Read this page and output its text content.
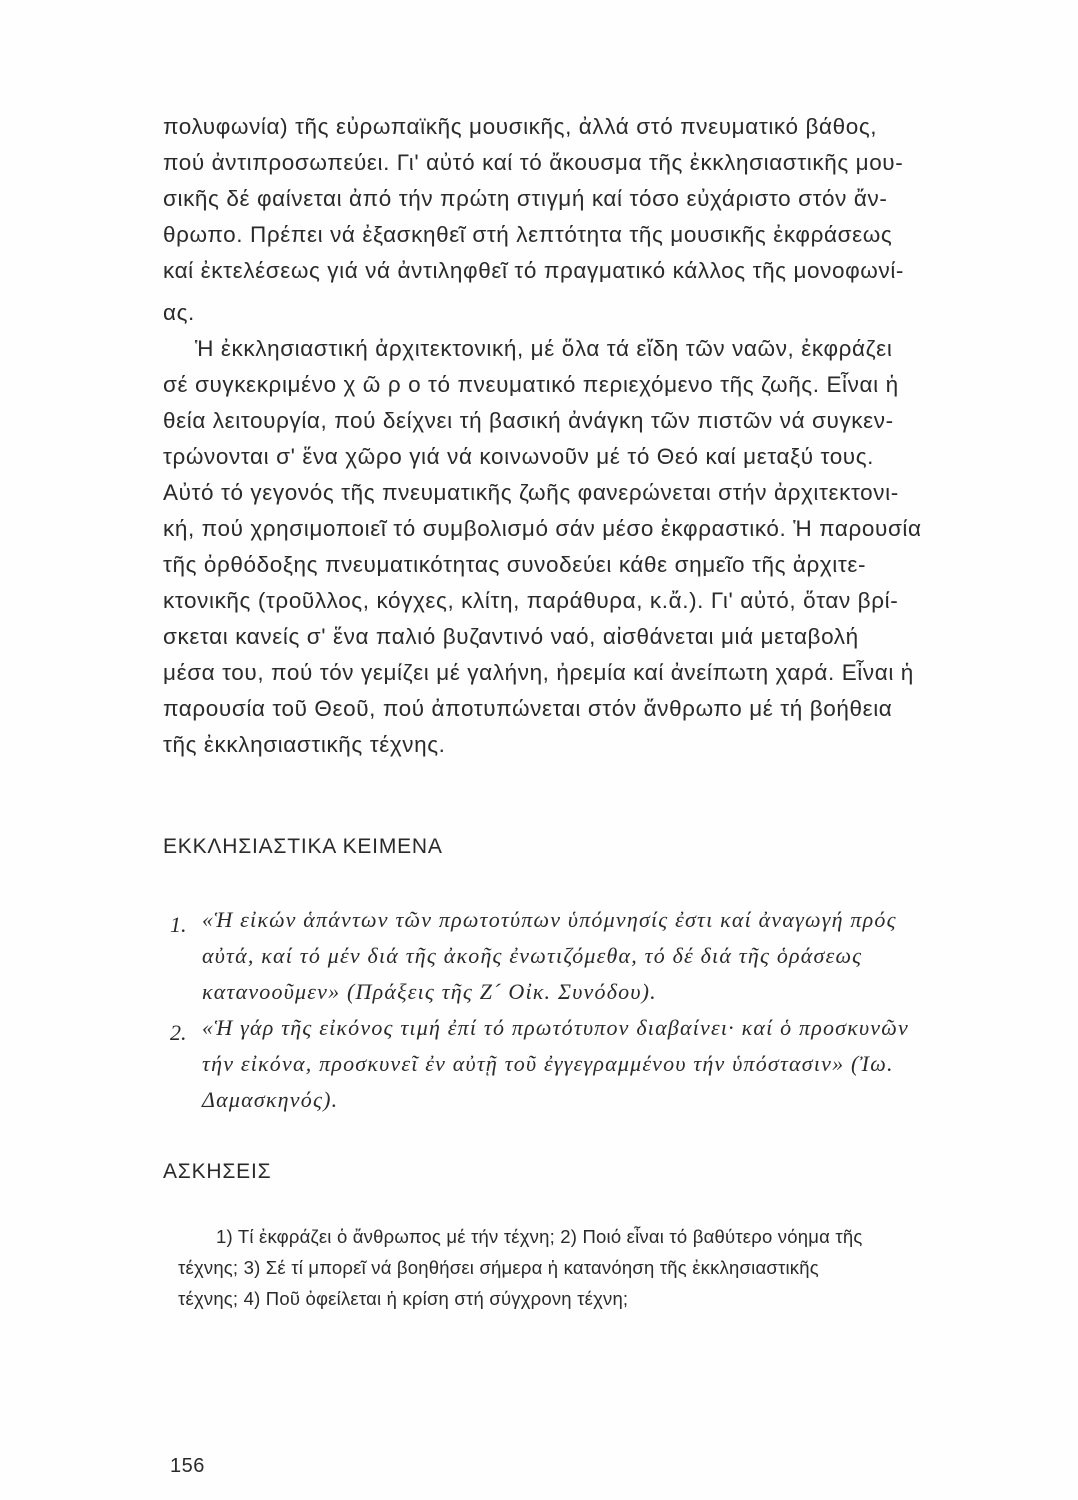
πολυφωνία) τῆς εὐρωπαϊκῆς μουσικῆς, ἀλλά στό πνευματικό βάθος,
πού ἀντιπροσωπεύει. Γι' αὐτό καί τό ἄκουσμα τῆς ἐκκλησιαστικῆς μου-
σικῆς δέ φαίνεται ἀπό τήν πρώτη στιγμή καί τόσο εὐχάριστο στόν ἄν-
θρωπο. Πρέπει νά ἐξασκηθεῖ στή λεπτότητα τῆς μουσικῆς ἐκφράσεως
καί ἐκτελέσεως γιά νά ἀντιληφθεῖ τό πραγματικό κάλλος τῆς μονοφωνί-
ας.
Ἡ ἐκκλησιαστική ἀρχιτεκτονική, μέ ὅλα τά εἴδη τῶν ναῶν, ἐκφράζει
σέ συγκεκριμένο χ ῶ ρ ο τό πνευματικό περιεχόμενο τῆς ζωῆς. Εἶναι ἡ
θεία λειτουργία, πού δείχνει τή βασική ἀνάγκη τῶν πιστῶν νά συγκεν-
τρώνονται σ' ἕνα χῶρο γιά νά κοινωνοῦν μέ τό Θεό καί μεταξύ τους.
Αὐτό τό γεγονός τῆς πνευματικῆς ζωῆς φανερώνεται στήν ἀρχιτεκτονι-
κή, πού χρησιμοποιεῖ τό συμβολισμό σάν μέσο ἐκφραστικό. Ἡ παρουσία
τῆς ὀρθόδοξης πνευματικότητας συνοδεύει κάθε σημεῖο τῆς ἀρχιτε-
κτονικῆς (τροῦλλος, κόγχες, κλίτη, παράθυρα, κ.ἄ.). Γι' αὐτό, ὅταν βρί-
σκεται κανείς σ' ἕνα παλιό βυζαντινό ναό, αἰσθάνεται μιά μεταβολή
μέσα του, πού τόν γεμίζει μέ γαλήνη, ἠρεμία καί ἀνείπωτη χαρά. Εἶναι ἡ
παρουσία τοῦ Θεοῦ, πού ἀποτυπώνεται στόν ἄνθρωπο μέ τή βοήθεια
τῆς ἐκκλησιαστικῆς τέχνης.
ΕΚΚΛΗΣΙΑΣΤΙΚΑ ΚΕΙΜΕΝΑ
1. «Ἡ εἰκών ἁπάντων τῶν πρωτοτύπων ὑπόμνησίς ἐστι καί ἀναγωγή πρός
αὐτά, καί τό μέν διά τῆς ἀκοῆς ἐνωτιζόμεθα, τό δέ διά τῆς ὁράσεως
κατανοοῦμεν» (Πράξεις τῆς Ζ´ Οἰκ. Συνόδου).
2. «Ἡ γάρ τῆς εἰκόνος τιμή ἐπί τό πρωτότυπον διαβαίνει· καί ὁ προσκυνῶν
τήν εἰκόνα, προσκυνεῖ ἐν αὐτῇ τοῦ ἐγγεγραμμένου τήν ὑπόστασιν» (Ἰω.
Δαμασκηνός).
ΑΣΚΗΣΕΙΣ
1) Τί ἐκφράζει ὁ ἄνθρωπος μέ τήν τέχνη; 2) Ποιό εἶναι τό βαθύτερο νόημα τῆς
τέχνης; 3) Σέ τί μπορεῖ νά βοηθήσει σήμερα ἡ κατανόηση τῆς ἐκκλησιαστικῆς
τέχνης; 4) Ποῦ ὀφείλεται ἡ κρίση στή σύγχρονη τέχνη;
156
